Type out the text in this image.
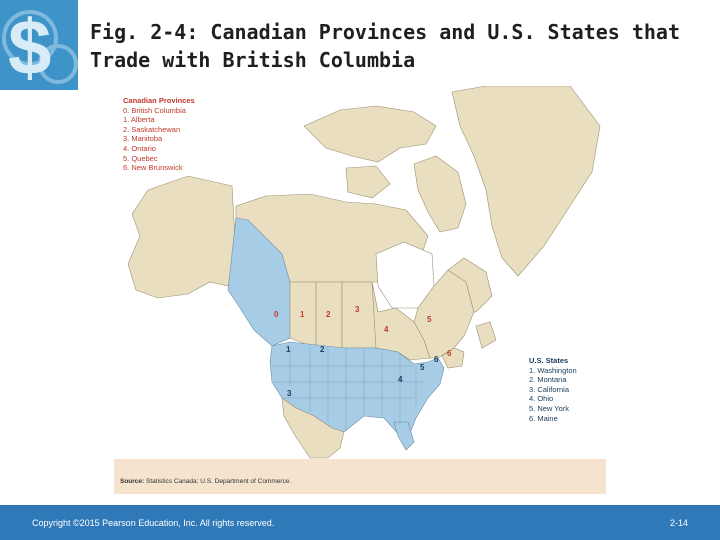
$ Fig. 2-4: Canadian Provinces and U.S. States that Trade with British Columbia
0	1	2
3
4
5
6
1	2
3
4
5
6
Canadian Provinces
0. British Columbia
1. Alberta
2. Saskatchewan
3. Manitoba
4. Ontario
5. Quebec
6. New Brunswick
U.S. States
1. Washington
2. Montana
3. California
4. Ohio
5. New York
6. Maine
Source: Statistics Canada; U.S. Department of Commerce.
Copyright ©2015 Pearson Education, Inc. All rights reserved.	2-14
